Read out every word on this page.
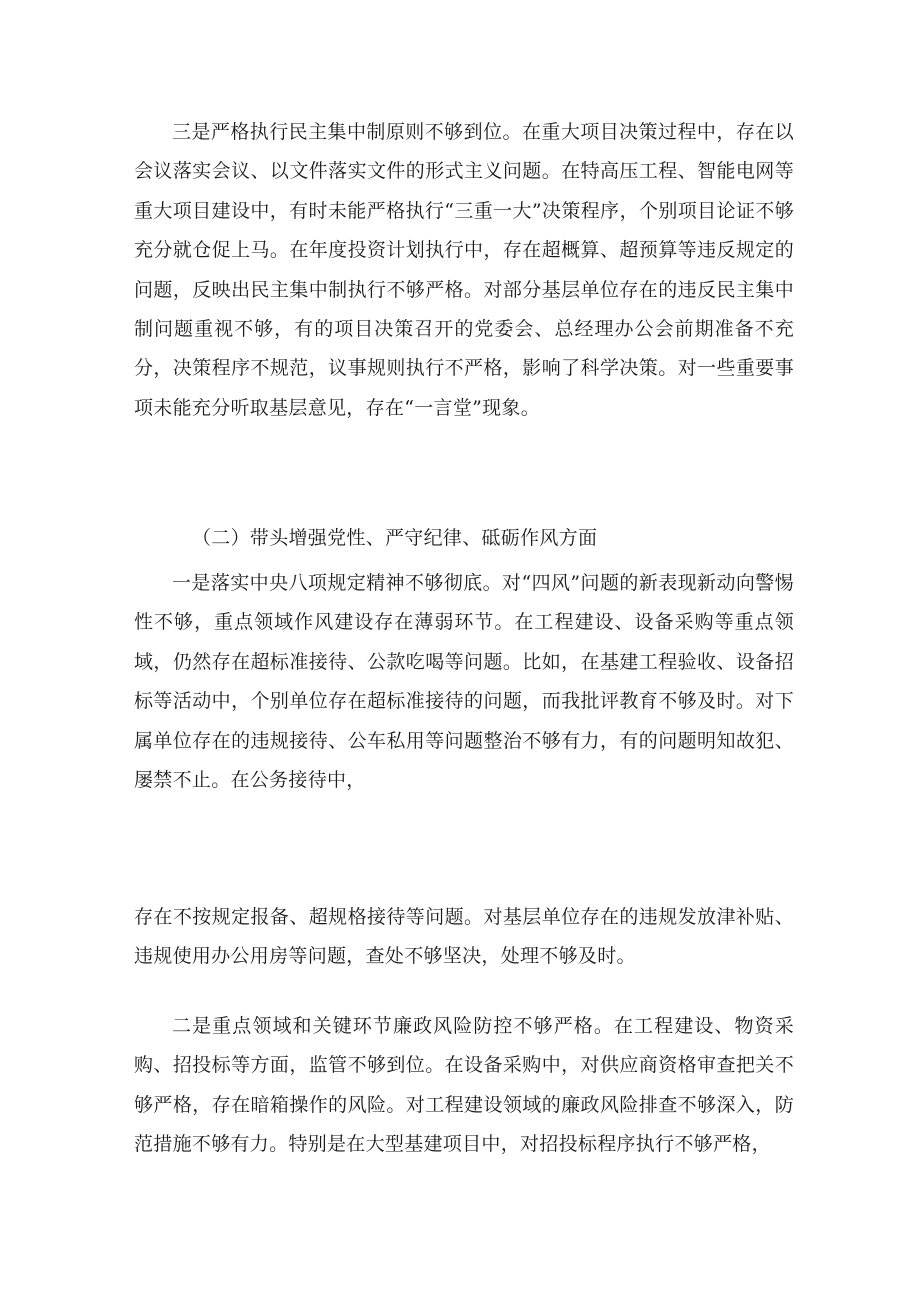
三是严格执行民主集中制原则不够到位。在重大项目决策过程中，存在以会议落实会议、以文件落实文件的形式主义问题。在特高压工程、智能电网等重大项目建设中，有时未能严格执行“三重一大”决策程序，个别项目论证不够充分就仓促上马。在年度投资计划执行中，存在超概算、超预算等违反规定的问题，反映出民主集中制执行不够严格。对部分基层单位存在的违反民主集中制问题重视不够，有的项目决策召开的党委会、总经理办公会前期准备不充分，决策程序不规范，议事规则执行不严格，影响了科学决策。对一些重要事项未能充分听取基层意见，存在“一言堂”现象。

（二）带头增强党性、严守纪律、砥砺作风方面

一是落实中央八项规定精神不够彻底。对“四风”问题的新表现新动向警惕性不够，重点领域作风建设存在薄弱环节。在工程建设、设备采购等重点领域，仍然存在超标准接待、公款吃喝等问题。比如，在基建工程验收、设备招标等活动中，个别单位存在超标准接待的问题，而我批评教育不够及时。对下属单位存在的违规接待、公车私用等问题整治不够有力，有的问题明知故犯、屡禁不止。在公务接待中，

存在不按规定报备、超规格接待等问题。对基层单位存在的违规发放津补贴、违规使用办公用房等问题，查处不够坚决，处理不够及时。

二是重点领域和关键环节廉政风险防控不够严格。在工程建设、物资采购、招投标等方面，监管不够到位。在设备采购中，对供应商资格审查把关不够严格，存在暗箱操作的风险。对工程建设领域的廉政风险排查不够深入，防范措施不够有力。特别是在大型基建项目中，对招投标程序执行不够严格，
